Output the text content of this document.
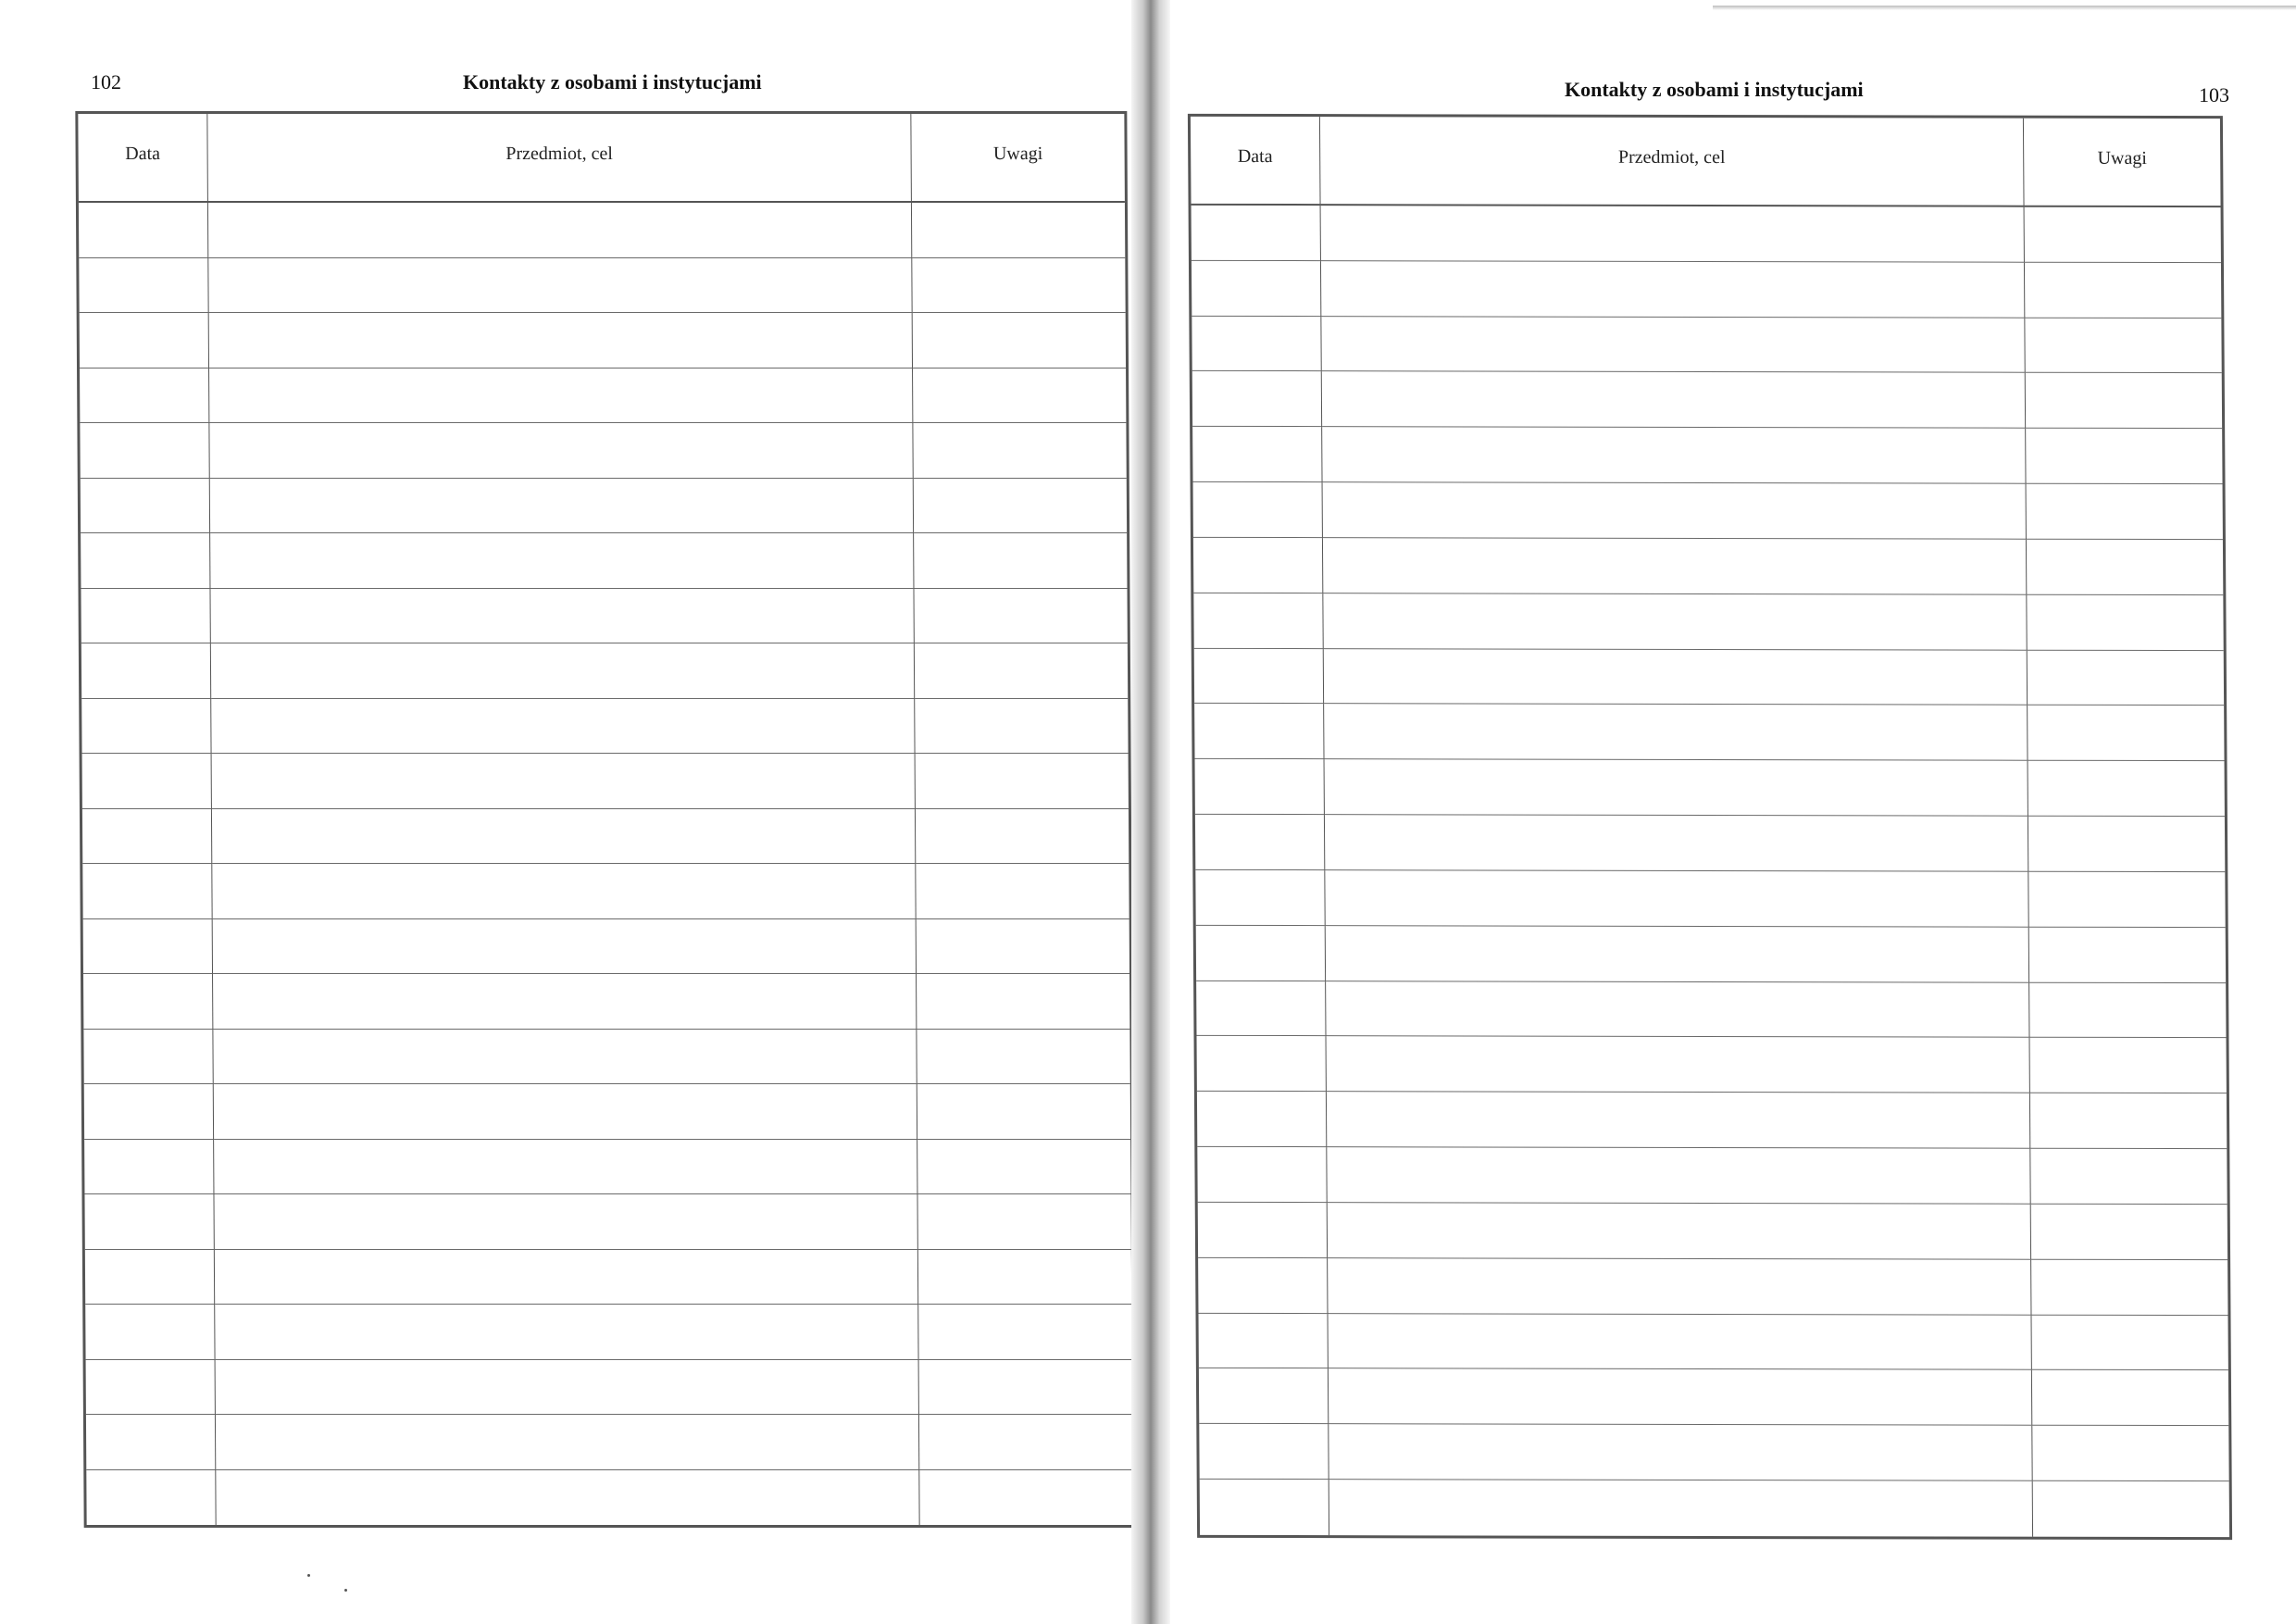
102	Kontakty z osobami i instytucjami	Kontakty z osobami i instytucjami	103
Data	Przedmiot, cel	Uwagi	Data	Przedmiot, cel	Uwagi
